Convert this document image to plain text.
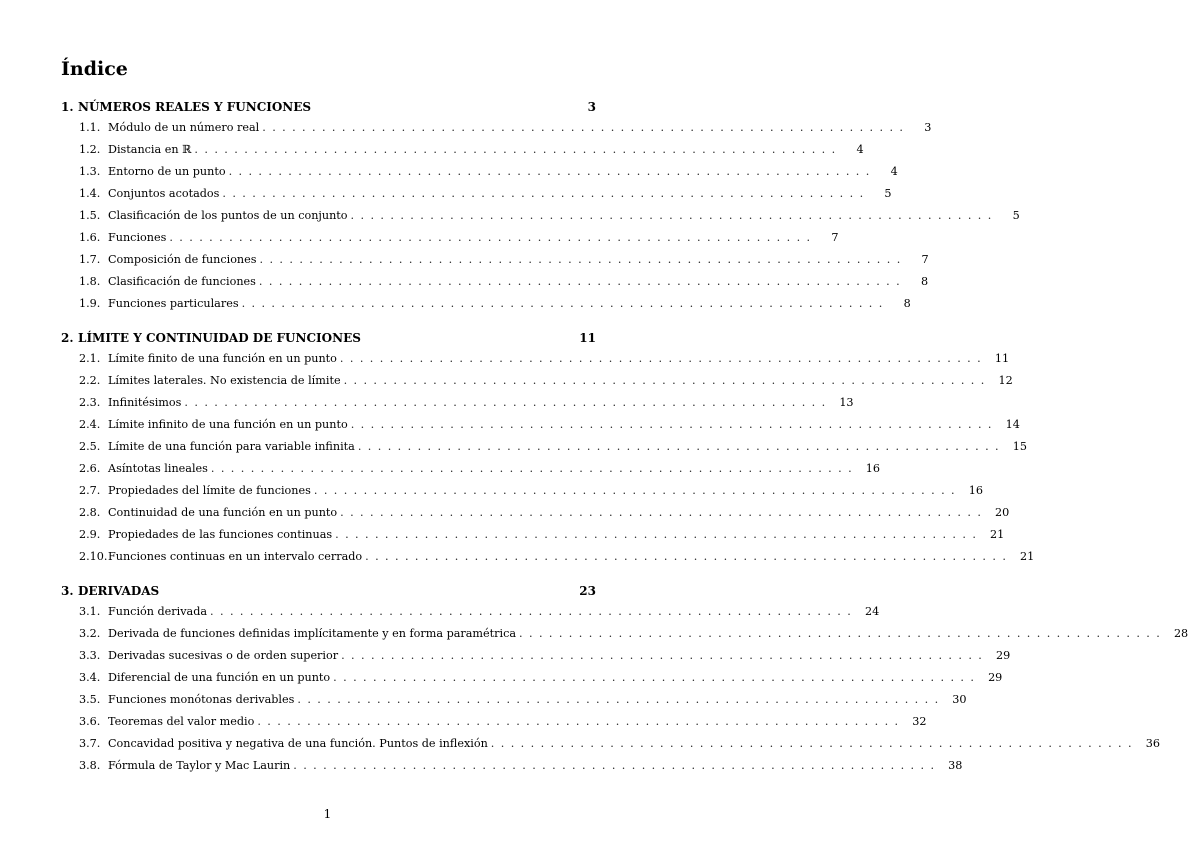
Índice
1. NÚMEROS REALES Y FUNCIONES	3
1.1. Módulo de un número real .................................................................	3
1.2. Distancia en ℝ .................................................................	4
1.3. Entorno de un punto .................................................................	4
1.4. Conjuntos acotados .................................................................	5
1.5. Clasificación de los puntos de un conjunto .................................................................	5
1.6. Funciones .................................................................	7
1.7. Composición de funciones .................................................................	7
1.8. Clasificación de funciones .................................................................	8
1.9. Funciones particulares .................................................................	8
2. LÍMITE Y CONTINUIDAD DE FUNCIONES	11
2.1. Límite finito de una función en un punto ................................................................. 11
2.2. Límites laterales. No existencia de límite ................................................................. 12
2.3. Infinitésimos ................................................................. 13
2.4. Límite infinito de una función en un punto ................................................................. 14
2.5. Límite de una función para variable infinita ................................................................. 15
2.6. Asíntotas lineales ................................................................. 16
2.7. Propiedades del límite de funciones ................................................................. 16
2.8. Continuidad de una función en un punto ................................................................. 20
2.9. Propiedades de las funciones continuas ................................................................. 21
2.10. Funciones continuas en un intervalo cerrado ................................................................. 21
3. DERIVADAS	23
3.1. Función derivada ................................................................. 24
3.2. Derivada de funciones definidas implícitamente y en forma paramétrica ................................................................. 28
3.3. Derivadas sucesivas o de orden superior ................................................................. 29
3.4. Diferencial de una función en un punto ................................................................. 29
3.5. Funciones monótonas derivables ................................................................. 30
3.6. Teoremas del valor medio ................................................................. 32
3.7. Concavidad positiva y negativa de una función. Puntos de inflexión ................................................................. 36
3.8. Fórmula de Taylor y Mac Laurin ................................................................. 38
1
